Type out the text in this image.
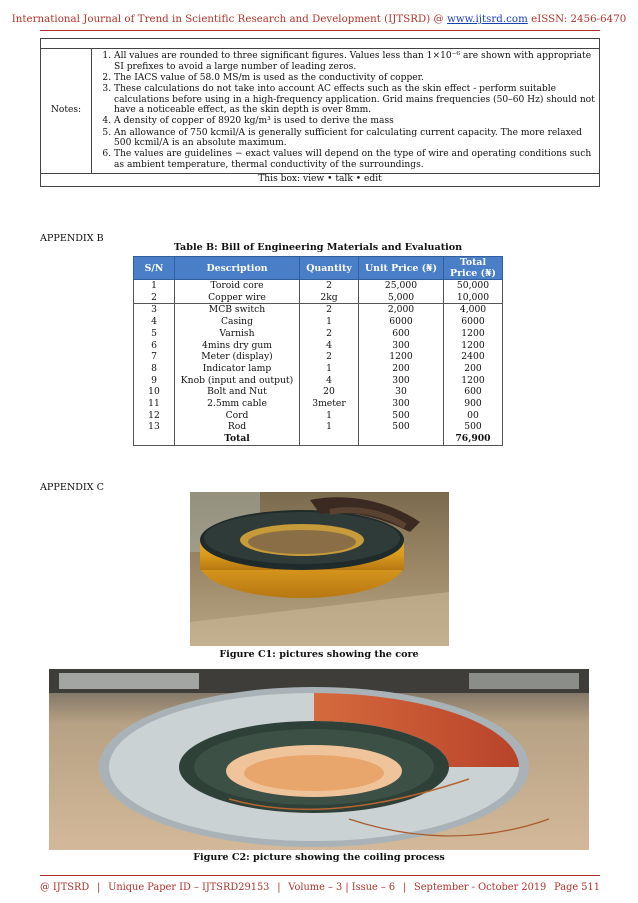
International Journal of Trend in Scientific Research and Development (IJTSRD) @ www.ijtsrd.com eISSN: 2456-6470

Notes:	
1. All values are rounded to three significant figures. Values less than 1×10⁻⁶ are shown with appropriate SI prefixes to avoid a large number of leading zeros.
2. The IACS value of 58.0 MS/m is used as the conductivity of copper.
3. These calculations do not take into account AC effects such as the skin effect - perform suitable calculations before using in a high-frequency application. Grid mains frequencies (50–60 Hz) should not have a noticeable effect, as the skin depth is over 8mm.
4. A density of copper of 8920 kg/m³ is used to derive the mass
5. An allowance of 750 kcmil/A is generally sufficient for calculating current capacity. The more relaxed 500 kcmil/A is an absolute maximum.
6. The values are guidelines − exact values will depend on the type of wire and operating conditions such as ambient temperature, thermal conductivity of the surroundings.

This box: view • talk • edit
APPENDIX B
Table B: Bill of Engineering Materials and Evaluation
S/N	Description	Quantity	Unit Price (₦)	Total Price (₦)
1	Toroid core	2	25,000	50,000
2	Copper wire	2kg	5,000	10,000
3	MCB switch	2	2,000	4,000
4	Casing	1	6000	6000
5	Varnish	2	600	1200
6	4mins dry gum	4	300	1200
7	Meter (display)	2	1200	2400
8	Indicator lamp	1	200	200
9	Knob (input and output)	4	300	1200
10	Bolt and Nut	20	30	600
11	2.5mm cable	3meter	300	900
12	Cord	1	500	00
13	Rod	1	500	500
	Total			76,900
APPENDIX C
Figure C1: pictures showing the core
Figure C2: picture showing the coiling process
@ IJTSRD | Unique Paper ID – IJTSRD29153 | Volume – 3 | Issue – 6 | September - October 2019 Page 511
